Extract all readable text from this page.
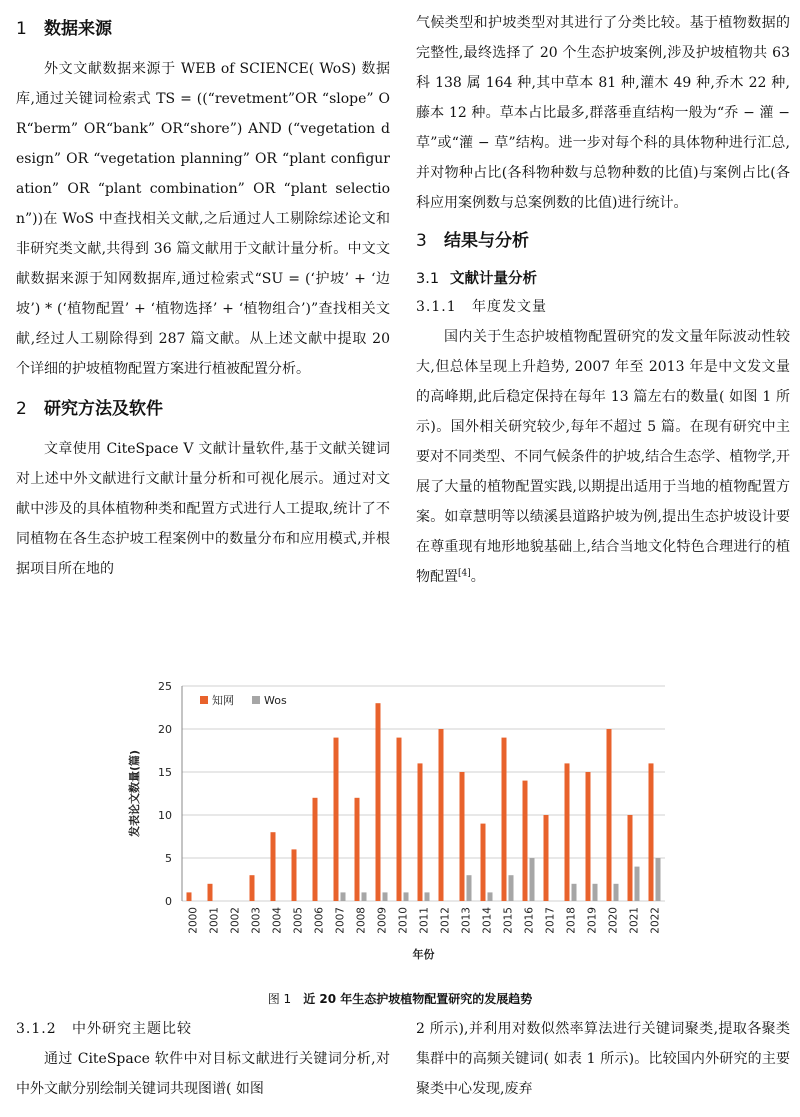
1 数据来源

外文文献数据来源于 WEB of SCIENCE( WoS) 数据库,通过关键词检索式 TS = ((“revetment”OR “slope” OR“berm” OR“bank” OR“shore”) AND (“vegetation design” OR “vegetation planning” OR “plant configuration” OR “plant combination” OR “plant selection”))在 WoS 中查找相关文献,之后通过人工剔除综述论文和非研究类文献,共得到 36 篇文献用于文献计量分析。中文文献数据来源于知网数据库,通过检索式“SU = (‘护坡’ + ‘边坡’) * (‘植物配置’ + ‘植物选择’ + ‘植物组合’)”查找相关文献,经过人工剔除得到 287 篇文献。从上述文献中提取 20 个详细的护坡植物配置方案进行植被配置分析。

2 研究方法及软件

文章使用 CiteSpace V 文献计量软件,基于文献关键词对上述中外文献进行文献计量分析和可视化展示。通过对文献中涉及的具体植物种类和配置方式进行人工提取,统计了不同植物在各生态护坡工程案例中的数量分布和应用模式,并根据项目所在地的

气候类型和护坡类型对其进行了分类比较。基于植物数据的完整性,最终选择了 20 个生态护坡案例,涉及护坡植物共 63 科 138 属 164 种,其中草本 81 种,灌木 49 种,乔木 22 种,藤本 12 种。草本占比最多,群落垂直结构一般为“乔 − 灌 − 草”或“灌 − 草”结构。进一步对每个科的具体物种进行汇总,并对物种占比(各科物种数与总物种数的比值)与案例占比(各科应用案例数与总案例数的比值)进行统计。

3 结果与分析
3.1 文献计量分析
3.1.1 年度发文量

国内关于生态护坡植物配置研究的发文量年际波动性较大,但总体呈现上升趋势, 2007 年至 2013 年是中文发文量的高峰期,此后稳定保持在每年 13 篇左右的数量( 如图 1 所示)。国外相关研究较少,每年不超过 5 篇。在现有研究中主要对不同类型、不同气候条件的护坡,结合生态学、植物学,开展了大量的植物配置实践,以期提出适用于当地的植物配置方案。如章慧明等以绩溪县道路护坡为例,提出生态护坡设计要在尊重现有地形地貌基础上,结合当地文化特色合理进行的植物配置[4]。

0
5
10
15
20
25
2000 2001 2002 2003 2004 2005 2006 2007 2008 2009 2010 2011 2012 2013 2014 2015 2016 2017 2018 2019 2020 2021 2022
知网	Wos
发表论文数量(篇)
年份
图 1 近 20 年生态护坡植物配置研究的发展趋势
3.1.2 中外研究主题比较

通过 CiteSpace 软件中对目标文献进行关键词分析,对中外文献分别绘制关键词共现图谱( 如图

2 所示),并利用对数似然率算法进行关键词聚类,提取各聚类集群中的高频关键词( 如表 1 所示)。比较国内外研究的主要聚类中心发现,废弃
